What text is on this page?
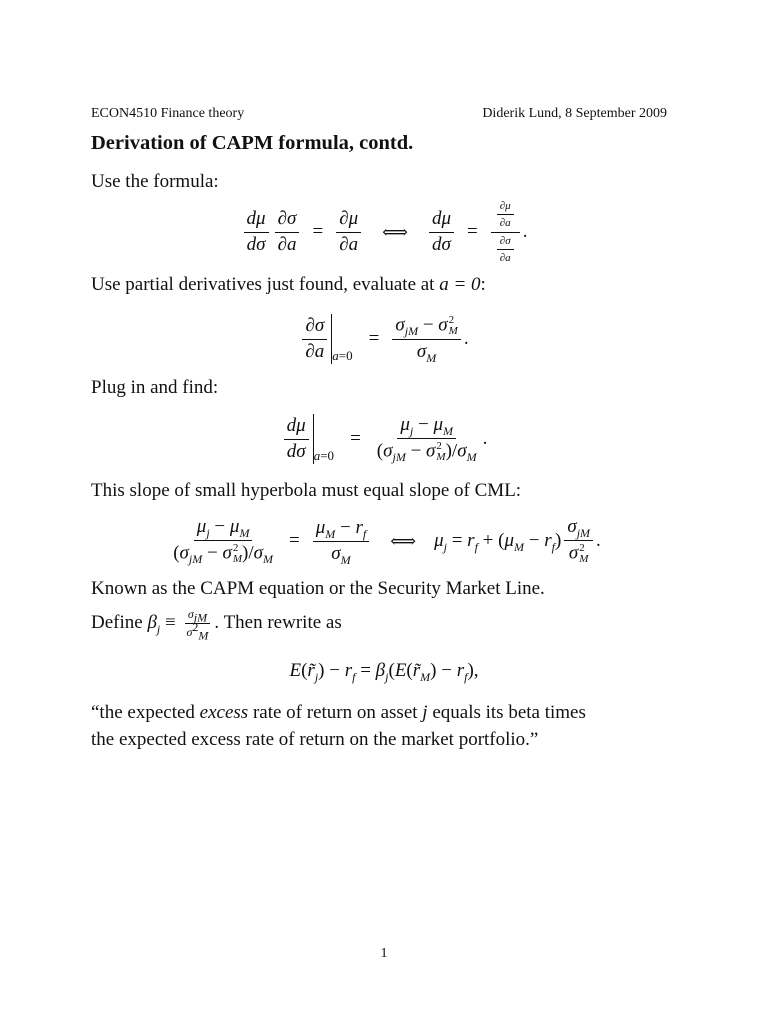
ECON4510 Finance theory	Diderik Lund, 8 September 2009
Derivation of CAPM formula, contd.
Use the formula:
$\frac{d\mu}{d\sigma} \frac{\partial\sigma}{\partial a} = \frac{\partial\mu}{\partial a}$ ⟺ $\frac{d\mu}{d\sigma} = \frac{\frac{\partial\mu}{\partial a}}{\frac{\partial\sigma}{\partial a}}$ .
Use partial derivatives just found, evaluate at a = 0:
$\frac{\partial\sigma}{\partial a} a=0$
= $\sigma_{jM} - \sigma$ 2
M
$\sigma_M$ .
Plug in and find:
$\frac{d\mu}{d\sigma} a=0$
= $\mu_j - \mu_M$
($\sigma_{jM} - \sigma$ 2
M )$/\sigma_M$ .
This slope of small hyperbola must equal slope of CML:
$\mu_j - \mu_M$
($\sigma_{jM} - \sigma$ 2
M )$/\sigma_M = \frac{\mu_M - r_f}{\sigma_M}$ ⟺ $\mu_j = r_f + (\mu_M - r_f)$ $\sigma_{jM}$
σ 2
M .
Known as the CAPM equation or the Security Market Line.
Define $\beta_j \equiv \frac{\sigma_{jM}}{\sigma^2_M}$ . Then rewrite as
$E(r̃_j) - r_f$ = $\beta_j(E(r̃_M) - r_f)$,
“the expected excess rate of return on asset j equals its beta times
the expected excess rate of return on the market portfolio.”
1
